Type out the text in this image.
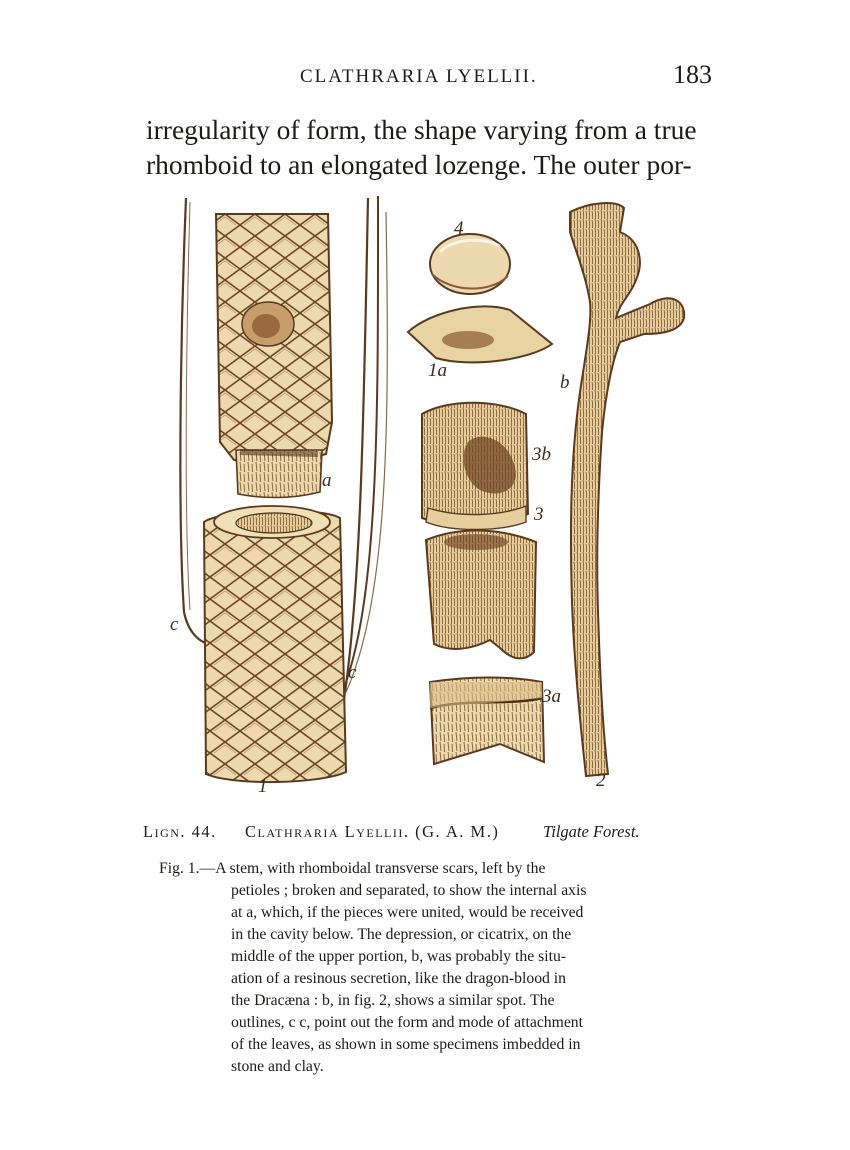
CLATHRARIA LYELLII.	183
irregularity of form, the shape varying from a true
rhomboid to an elongated lozenge. The outer por-
4
1a
b
3b
a
3
c
c
3a
1	2
Lign. 44. Clathraria Lyellii. (G. A. M.)	Tilgate Forest.
Fig. 1.—A stem, with rhomboidal transverse scars, left by the
petioles ; broken and separated, to show the internal axis
at a, which, if the pieces were united, would be received
in the cavity below. The depression, or cicatrix, on the
middle of the upper portion, b, was probably the situ-
ation of a resinous secretion, like the dragon-blood in
the Dracæna : b, in fig. 2, shows a similar spot. The
outlines, c c, point out the form and mode of attachment
of the leaves, as shown in some specimens imbedded in
stone and clay.
